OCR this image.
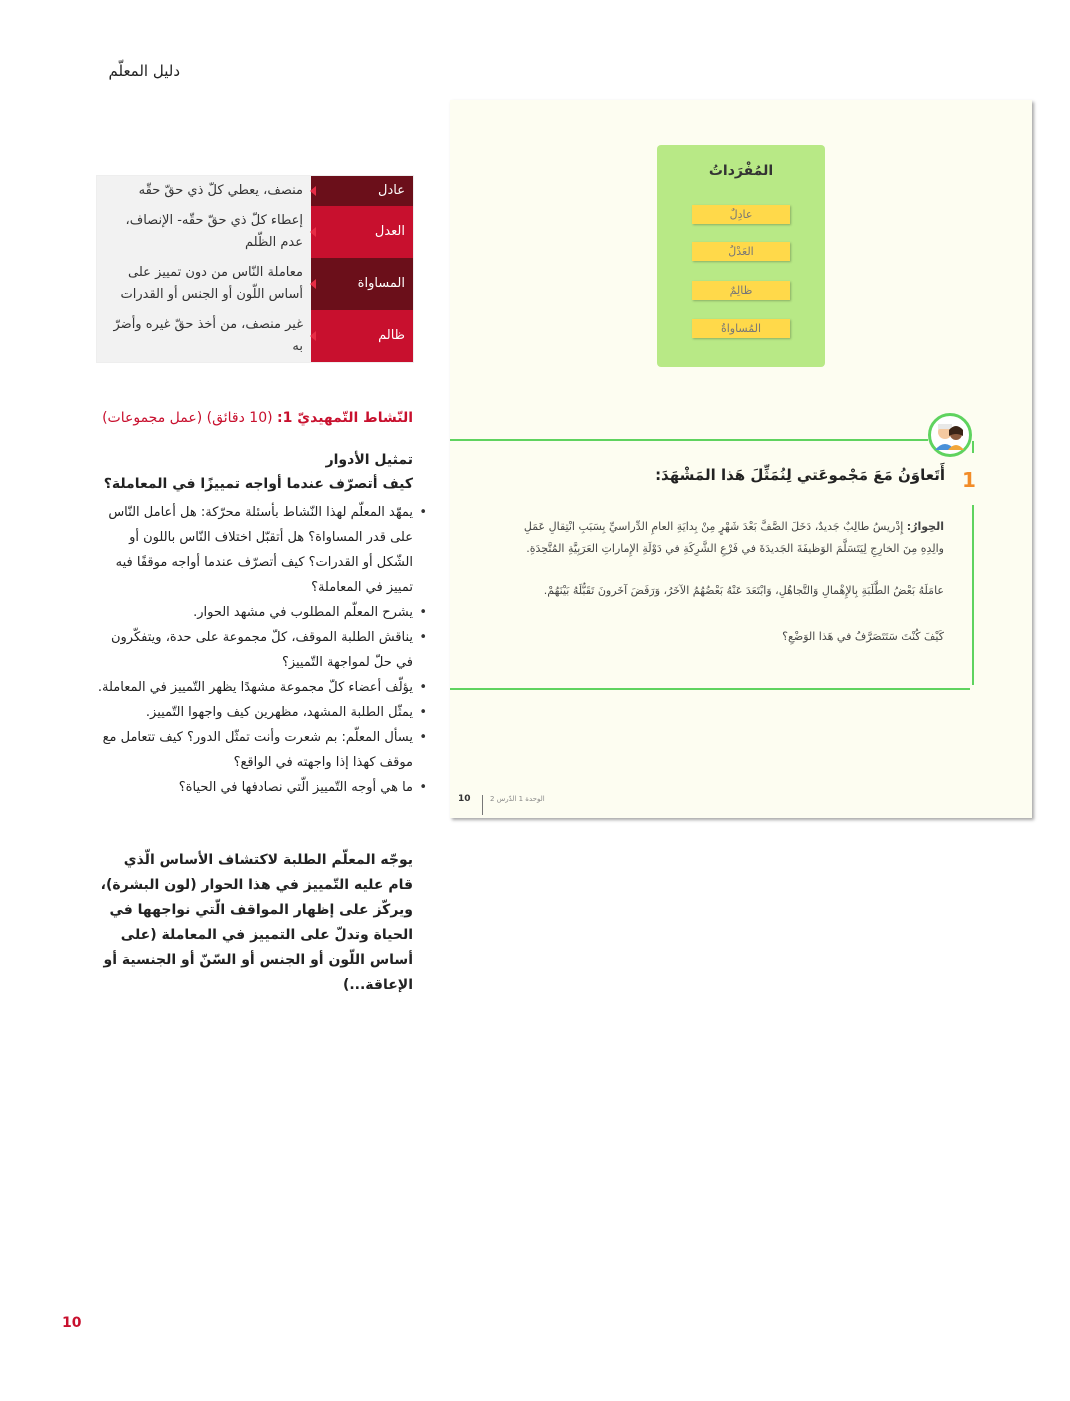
دليل المعلّم
عادل	منصف، يعطي كلّ ذي حقّ حقّه
العدل	إعطاء كلّ ذي حقّ حقّه- الإنصاف، عدم الظّلم
المساواة	معاملة النّاس من دون تمييز على أساس اللّون أو الجنس أو القدرات
ظالم	غير منصف، من أخذ حقّ غيره وأضرّ به
النّشاط التّمهيديّ 1: (10 دقائق) (عمل مجموعات)
تمثيل الأدوار
كيف أتصرّف عندما أواجه تمييزًا في المعاملة؟
• يمهّد المعلّم لهذا النّشاط بأسئلة محرّكة: هل أعامل النّاس على قدر المساواة؟ هل أتقبّل اختلاف النّاس باللون أو الشّكل أو القدرات؟ كيف أتصرّف عندما أواجه موقفًا فيه تمييز في المعاملة؟
• يشرح المعلّم المطلوب في مشهد الحوار.
• يناقش الطلبة الموقف، كلّ مجموعة على حدة، ويتفكّرون في حلّ لمواجهة التّمييز؟
• يؤلّف أعضاء كلّ مجموعة مشهدًا يظهر التّمييز في المعاملة.
• يمثّل الطلبة المشهد، مظهرين كيف واجهوا التّمييز.
• يسأل المعلّم: بم شعرت وأنت تمثّل الدور؟ كيف تتعامل مع موقف كهذا إذا واجهته في الواقع؟
• ما هي أوجه التّمييز الّتي نصادفها في الحياة؟
يوجّه المعلّم الطلبة لاكتشاف الأساس الّذي قام عليه التّمييز في هذا الحوار (لون البشرة)،
ويركّز على إظهار المواقف الّتي نواجهها في الحياة وتدلّ على التمييز في المعاملة (على أساس اللّون أو الجنس أو السّنّ أو الجنسية أو الإعاقة...)
المُفْرَداتُ
عادِلٌ
العَدْلُ
ظالِمٌ
المُساواةُ
1
أَتَعاوَنُ مَعَ مَجْموعَتي لِنُمَثِّلَ هَذا المَشْهَدَ:
الحِوارُ: إِدْريسُ طالِبٌ جَديدٌ، دَخَلَ الصَّفَّ بَعْدَ شَهْرٍ مِنْ بِدايَةِ العامِ الدِّراسيِّ بِسَبَبِ انْتِقالِ عَمَلِ والِدِهِ مِنَ الخارِجِ لِيَتَسَلَّمَ الوَظيفَةَ الجَديدَةَ في فَرْعِ الشَّرِكَةِ في دَوْلَةِ الإِماراتِ العَرَبِيَّةِ المُتَّحِدَةِ.
عامَلَهُ بَعْضُ الطَّلَبَةِ بِالإِهْمالِ وَالتَّجاهُلِ، وَابْتَعَدَ عَنْهُ بَعْضُهُمُ الآخَرُ، وَرَفَضَ آخَرونَ تَقَبُّلَهُ بَيْنَهُمْ.
كَيْفَ كُنْتَ سَتَتَصَرَّفُ في هَذا الوَضْعِ؟
10	الوحدة 1 الدّرس 2
10
